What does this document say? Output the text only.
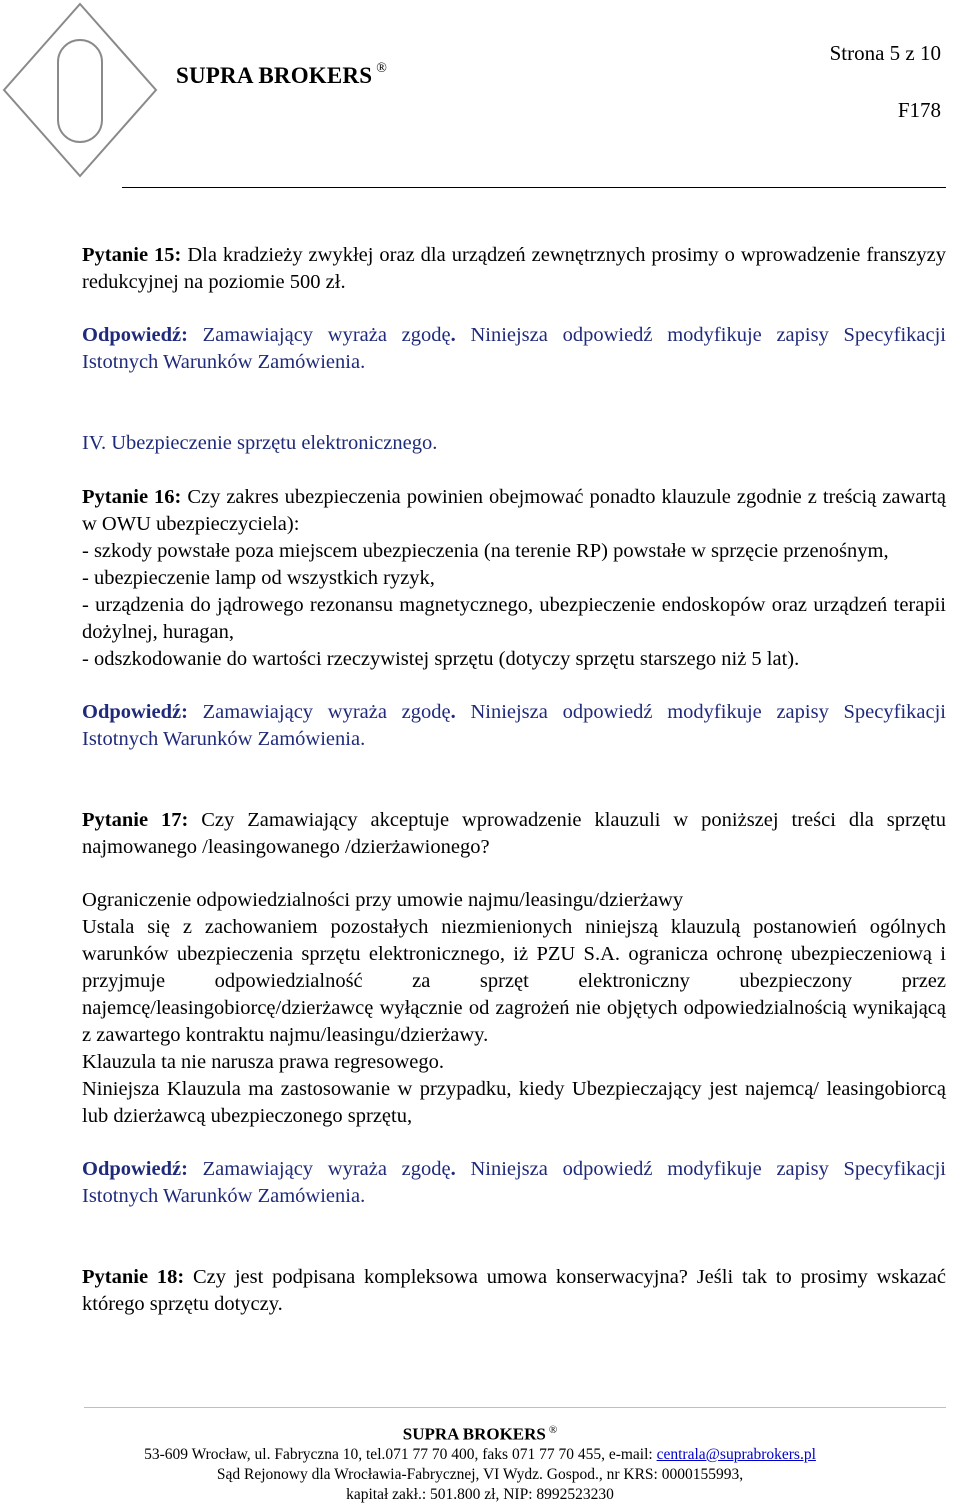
SUPRA BROKERS ®
Strona 5 z 10
F178

Pytanie 15: Dla kradzieży zwykłej oraz dla urządzeń zewnętrznych prosimy o wprowadzenie franszyzy redukcyjnej na poziomie 500 zł.

Odpowiedź: Zamawiający wyraża zgodę. Niniejsza odpowiedź modyfikuje zapisy Specyfikacji Istotnych Warunków Zamówienia.

IV. Ubezpieczenie sprzętu elektronicznego.

Pytanie 16: Czy zakres ubezpieczenia powinien obejmować ponadto klauzule zgodnie z treścią zawartą w OWU ubezpieczyciela):

- szkody powstałe poza miejscem ubezpieczenia (na terenie RP) powstałe w sprzęcie przenośnym,

- ubezpieczenie lamp od wszystkich ryzyk,

- urządzenia do jądrowego rezonansu magnetycznego, ubezpieczenie endoskopów oraz urządzeń terapii dożylnej, huragan,

- odszkodowanie do wartości rzeczywistej sprzętu (dotyczy sprzętu starszego niż 5 lat).

Odpowiedź: Zamawiający wyraża zgodę. Niniejsza odpowiedź modyfikuje zapisy Specyfikacji Istotnych Warunków Zamówienia.

Pytanie 17: Czy Zamawiający akceptuje wprowadzenie klauzuli w poniższej treści dla sprzętu najmowanego /leasingowanego /dzierżawionego?

Ograniczenie odpowiedzialności przy umowie najmu/leasingu/dzierżawy

Ustala się z zachowaniem pozostałych niezmienionych niniejszą klauzulą postanowień ogólnych warunków ubezpieczenia sprzętu elektronicznego, iż PZU S.A. ogranicza ochronę ubezpieczeniową i przyjmuje odpowiedzialność za sprzęt elektroniczny ubezpieczony przez najemcę/leasingobiorcę/dzierżawcę wyłącznie od zagrożeń nie objętych odpowiedzialnością wynikającą z zawartego kontraktu najmu/leasingu/dzierżawy.

Klauzula ta nie narusza prawa regresowego.

Niniejsza Klauzula ma zastosowanie w przypadku, kiedy Ubezpieczający jest najemcą/ leasingobiorcą lub dzierżawcą ubezpieczonego sprzętu,

Odpowiedź: Zamawiający wyraża zgodę. Niniejsza odpowiedź modyfikuje zapisy Specyfikacji Istotnych Warunków Zamówienia.

Pytanie 18: Czy jest podpisana kompleksowa umowa konserwacyjna? Jeśli tak to prosimy wskazać którego sprzętu dotyczy.

SUPRA BROKERS ®
53-609 Wrocław, ul. Fabryczna 10, tel.071 77 70 400, faks 071 77 70 455, e-mail: centrala@suprabrokers.pl
Sąd Rejonowy dla Wrocławia-Fabrycznej, VI Wydz. Gospod., nr KRS: 0000155993,
kapitał zakł.: 501.800 zł, NIP: 8992523230
